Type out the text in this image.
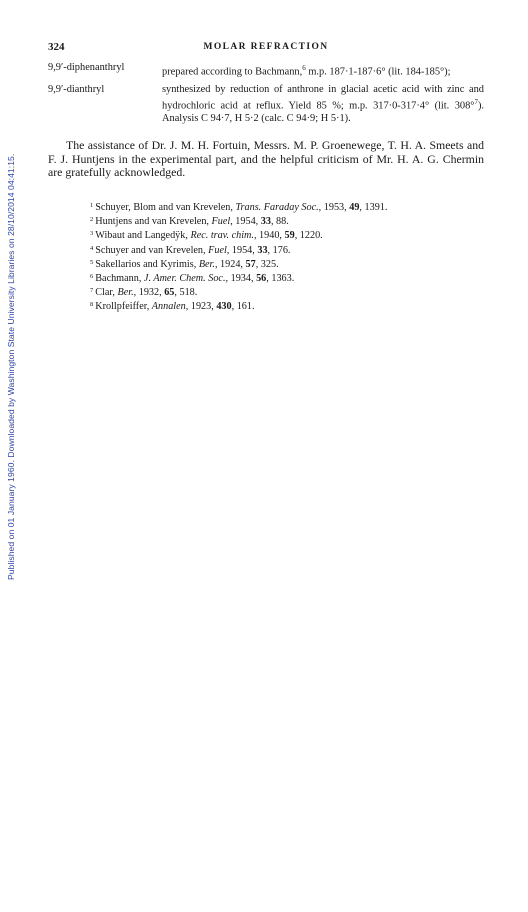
Published on 01 January 1960. Downloaded by Washington State University Libraries on 28/10/2014 04:41:15.
324	MOLAR REFRACTION
9,9′-diphenanthryl	prepared according to Bachmann,$^6$ m.p. 187·1-187·6° (lit. 184-185°);
9,9′-dianthryl	synthesized by reduction of anthrone in glacial acetic acid with zinc and hydrochloric acid at reflux. Yield 85 %; m.p. 317·0-317·4° (lit. 308°$^7$). Analysis C 94·7, H 5·2 (calc. C 94·9; H 5·1).

The assistance of Dr. J. M. H. Fortuin, Messrs. M. P. Groenewege, T. H. A. Smeets and F. J. Huntjens in the experimental part, and the helpful criticism of Mr. H. A. G. Chermin are gratefully acknowledged.

$^1$ Schuyer, Blom and van Krevelen, Trans. Faraday Soc., 1953, 49, 1391.
$^2$ Huntjens and van Krevelen, Fuel, 1954, 33, 88.
$^3$ Wibaut and Langedÿk, Rec. trav. chim., 1940, 59, 1220.
$^4$ Schuyer and van Krevelen, Fuel, 1954, 33, 176.
$^5$ Sakellarios and Kyrimis, Ber., 1924, 57, 325.
$^6$ Bachmann, J. Amer. Chem. Soc., 1934, 56, 1363.
$^7$ Clar, Ber., 1932, 65, 518.
$^8$ Krollpfeiffer, Annalen, 1923, 430, 161.
